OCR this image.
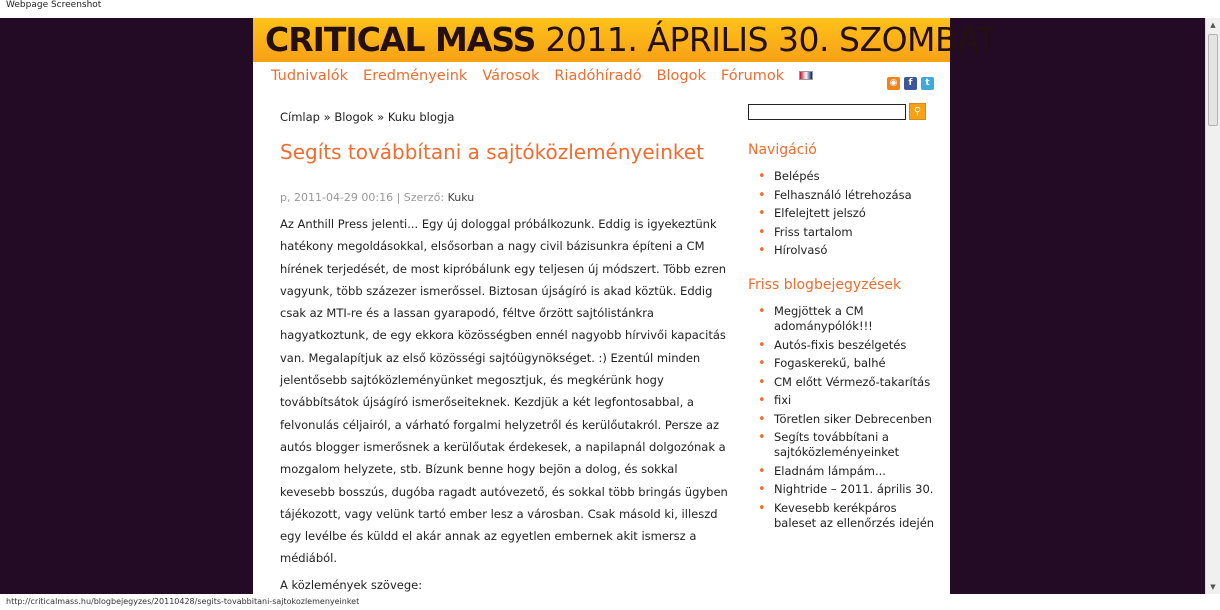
Webpage Screenshot
CRITICAL MASS 2011. ÁPRILIS 30. SZOMBAT
Tudnivalók Eredményeink Városok Riadóhíradó Blogok Fórumok	◉ f t
Címlap » Blogok » Kuku blogja
Segíts továbbítani a sajtóközleményeinket
p, 2011-04-29 00:16 | Szerző: Kuku
Az Anthill Press jelenti... Egy új dologgal próbálkozunk. Eddig is igyekeztünk hatékony megoldásokkal, elsősorban a nagy civil bázisunkra építeni a CM hírének terjedését, de most kipróbálunk egy teljesen új módszert. Több ezren vagyunk, több százezer ismerőssel. Biztosan újságíró is akad köztük. Eddig csak az MTI-re és a lassan gyarapodó, féltve őrzött sajtólistánkra hagyatkoztunk, de egy ekkora közösségben ennél nagyobb hírvivői kapacitás van. Megalapítjuk az első közösségi sajtóügynökséget. :) Ezentúl minden jelentősebb sajtóközleményünket megosztjuk, és megkérünk hogy továbbítsátok újságíró ismerőseiteknek. Kezdjük a két legfontosabbal, a felvonulás céljairól, a várható forgalmi helyzetről és kerülőutakról. Persze az autós blogger ismerősnek a kerülőutak érdekesek, a napilapnál dolgozónak a mozgalom helyzete, stb. Bízunk benne hogy bejön a dolog, és sokkal kevesebb bosszús, dugóba ragadt autóvezető, és sokkal több bringás ügyben tájékozott, vagy velünk tartó ember lesz a városban. Csak másold ki, illeszd egy levélbe és küldd el akár annak az egyetlen embernek akit ismersz a médiából.
A közlemények szövege:
⚲
Navigáció
• Belépés
• Felhasználó létrehozása
• Elfelejtett jelszó
• Friss tartalom
• Hírolvasó
Friss blogbejegyzések
• Megjöttek a CM adománypólók!!!
• Autós-fixis beszélgetés
• Fogaskerekű, balhé
• CM előtt Vérmező-takarítás
• fixi
• Töretlen siker Debrecenben
• Segíts továbbítani a sajtóközleményeinket
• Eladnám lámpám...
• Nightride – 2011. április 30.
• Kevesebb kerékpáros baleset az ellenőrzés idején
▲
▼
http://criticalmass.hu/blogbejegyzes/20110428/segits-tovabbitani-sajtokozlemenyeinket
